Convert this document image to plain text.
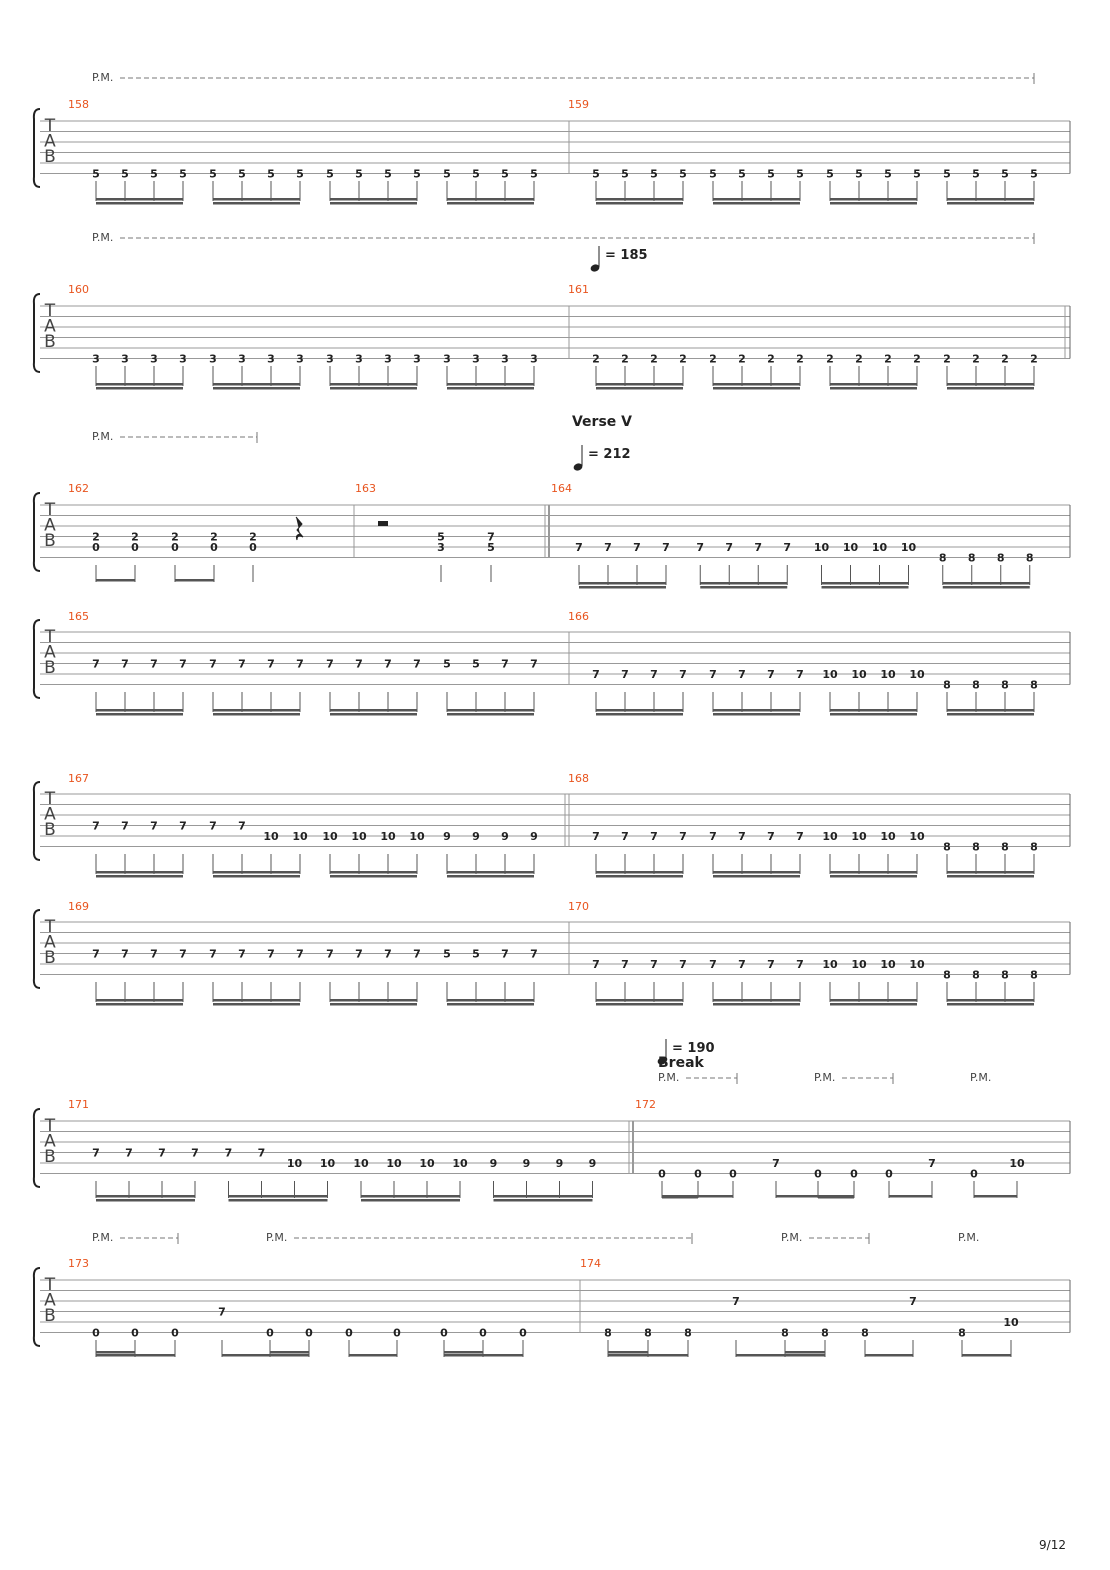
P.M.
T
A
B
158	159
5 5 5 5 5 5 5 5 5 5 5 5 5 5 5 5	5 5 5 5 5 5 5 5 5 5 5 5 5 5 5 5
P.M.
= 185
T
A
B
160	161
3 3 3 3 3 3 3 3 3 3 3 3 3 3 3 3	2 2 2 2 2 2 2 2 2 2 2 2 2 2 2 2
P.M.
Verse V
= 212
T
A
B
162	163	164
2
0
2
0
2
0
2
0
2
0
5
3
7
5	7 7 7 7 7 7 7 7 10 10 10 10
8 8 8 8
T
A
B
165	166
7 7 7 7 7 7 7 7 7 7 7 7 5 5 7 7
7 7 7 7 7 7 7 7 10 10 10 10
8 8 8 8
T
A
B
167	168
7 7 7 7 7 7
10 10 10 10 10 10 9 9 9 9	7 7 7 7 7 7 7 7 10 10 10 10
8 8 8 8
T
A
B
169	170
7 7 7 7 7 7 7 7 7 7 7 7 5 5 7 7
7 7 7 7 7 7 7 7 10 10 10 10
8 8 8 8
= 190
Break
P.M.	P.M.	P.M.
T
A
B
171	172
7 7 7 7 7 7
10 10 10 10 10 10 9 9 9 9
0	0 0
7
0	0 0
7
0
10
P.M.	P.M.	P.M.	P.M.
T
A
B
173	174
0	0	0
7
0	0	0	0	0	0	0	8	8	8
7
8	8	8
7
8
10
9/12
